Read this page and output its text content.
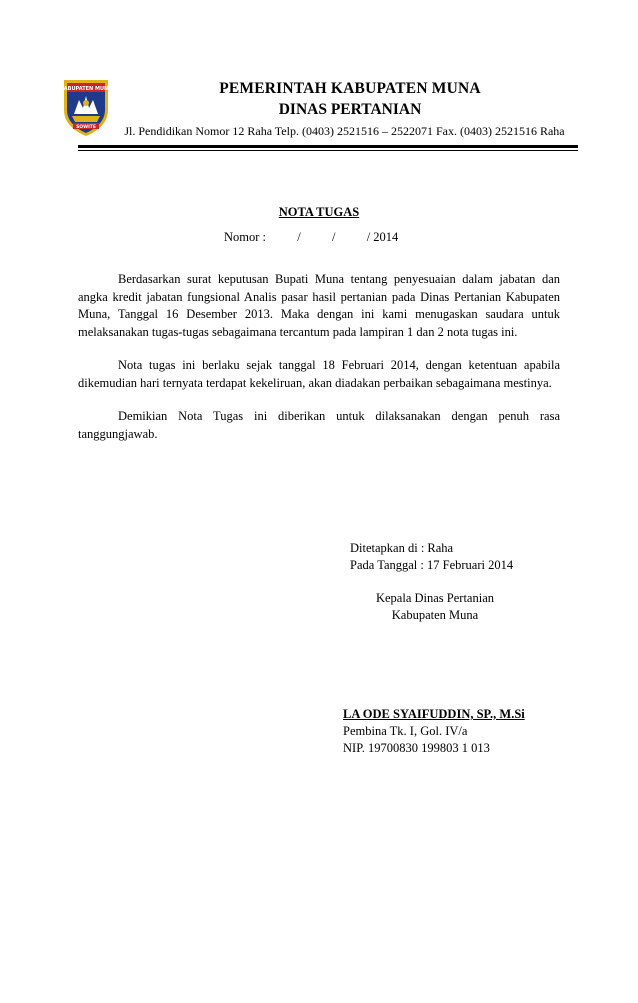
KABUPATEN MUNA
SOWITE
PEMERINTAH KABUPATEN MUNA
DINAS PERTANIAN
Jl. Pendidikan Nomor 12 Raha Telp. (0403) 2521516 – 2522071 Fax. (0403) 2521516 Raha
NOTA TUGAS
Nomor :          /          /          / 2014

Berdasarkan surat keputusan Bupati Muna tentang penyesuaian dalam jabatan dan angka kredit jabatan fungsional Analis pasar hasil pertanian pada Dinas Pertanian Kabupaten Muna, Tanggal 16 Desember 2013. Maka dengan ini kami menugaskan saudara untuk melaksanakan tugas-tugas sebagaimana tercantum pada lampiran 1 dan 2 nota tugas ini.

Nota tugas ini berlaku sejak tanggal 18 Februari 2014, dengan ketentuan apabila dikemudian hari ternyata terdapat kekeliruan, akan diadakan perbaikan sebagaimana mestinya.

Demikian Nota Tugas ini diberikan untuk dilaksanakan dengan penuh rasa tanggungjawab.

Ditetapkan di : Raha
Pada Tanggal : 17 Februari 2014
Kepala Dinas Pertanian
Kabupaten Muna
LA ODE SYAIFUDDIN, SP., M.Si
Pembina Tk. I, Gol. IV/a
NIP. 19700830 199803 1 013
